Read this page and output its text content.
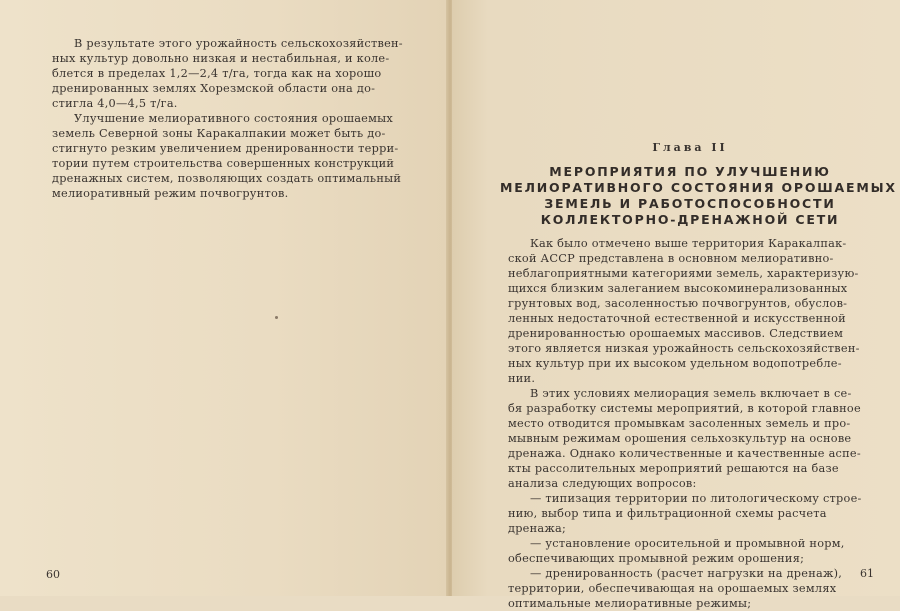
В результате этого урожайность сельскохозяйствен-
ных культур довольно низкая и нестабильная, и коле-
блется в пределах 1,2—2,4 т/га, тогда как на хорошо
дренированных землях Хорезмской области она до-
стигла 4,0—4,5 т/га.

Улучшение мелиоративного состояния орошаемых
земель Северной зоны Каракалпакии может быть до-
стигнуто резким увеличением дренированности терри-
тории путем строительства совершенных конструкций
дренажных систем, позволяющих создать оптимальный
мелиоративный режим почвогрунтов.

60
Глава II
МЕРОПРИЯТИЯ ПО УЛУЧШЕНИЮ
МЕЛИОРАТИВНОГО СОСТОЯНИЯ ОРОШАЕМЫХ
ЗЕМЕЛЬ И РАБОТОСПОСОБНОСТИ
КОЛЛЕКТОРНО-ДРЕНАЖНОЙ СЕТИ

Как было отмечено выше территория Каракалпак-
ской АССР представлена в основном мелиоративно-
неблагоприятными категориями земель, характеризую-
щихся близким залеганием высокоминерализованных
грунтовых вод, засоленностью почвогрунтов, обуслов-
ленных недостаточной естественной и искусственной
дренированностью орошаемых массивов. Следствием
этого является низкая урожайность сельскохозяйствен-
ных культур при их высоком удельном водопотребле-
нии.

В этих условиях мелиорация земель включает в се-
бя разработку системы мероприятий, в которой главное
место отводится промывкам засоленных земель и про-
мывным режимам орошения сельхозкультур на основе
дренажа. Однако количественные и качественные аспе-
кты рассолительных мероприятий решаются на базе
анализа следующих вопросов:

— типизация территории по литологическому строе-
нию, выбор типа и фильтрационной схемы расчета
дренажа;

— установление оросительной и промывной норм,
обеспечивающих промывной режим орошения;

— дренированность (расчет нагрузки на дренаж),
территории, обеспечивающая на орошаемых землях
оптимальные мелиоративные режимы;

61
